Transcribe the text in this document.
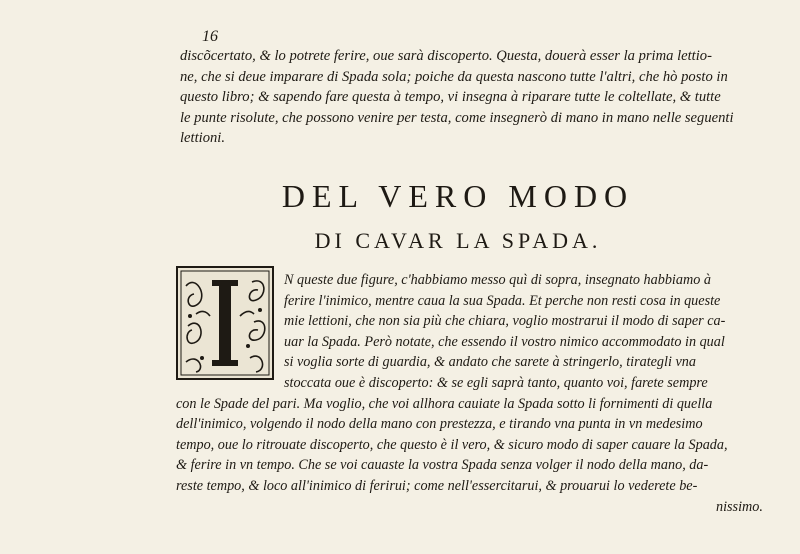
16
discõcertato, & lo potrete ferire, oue sarà discoperto. Questa, douerà esser la prima lettio-
ne, che si deue imparare di Spada sola; poiche da questa nascono tutte l'altri, che hò posto in
questo libro; & sapendo fare questa à tempo, vi insegna à riparare tutte le coltellate, & tutte
le punte risolute, che possono venire per testa, come insegnerò di mano in mano nelle seguenti
lettioni.
DEL VERO MODO
DI CAVAR LA SPADA.
N queste due figure, c'habbiamo messo quì di sopra, insegnato habbiamo à
ferire l'inimico, mentre caua la sua Spada. Et perche non resti cosa in queste
mie lettioni, che non sia più che chiara, voglio mostrarui il modo di saper ca-
uar la Spada. Però notate, che essendo il vostro nimico accommodato in qual
si voglia sorte di guardia, & andato che sarete à stringerlo, tirategli vna
stoccata oue è discoperto: & se egli saprà tanto, quanto voi, farete sempre
con le Spade del pari. Ma voglio, che voi allhora cauiate la Spada sotto li fornimenti di quella
dell'inimico, volgendo il nodo della mano con prestezza, e tirando vna punta in vn medesimo
tempo, oue lo ritrouate discoperto, che questo è il vero, & sicuro modo di saper cauare la Spada,
& ferire in vn tempo. Che se voi cauaste la vostra Spada senza volger il nodo della mano, da-
reste tempo, & loco all'inimico di ferirui; come nell'essercitarui, & prouarui lo vederete be-
nissimo.
